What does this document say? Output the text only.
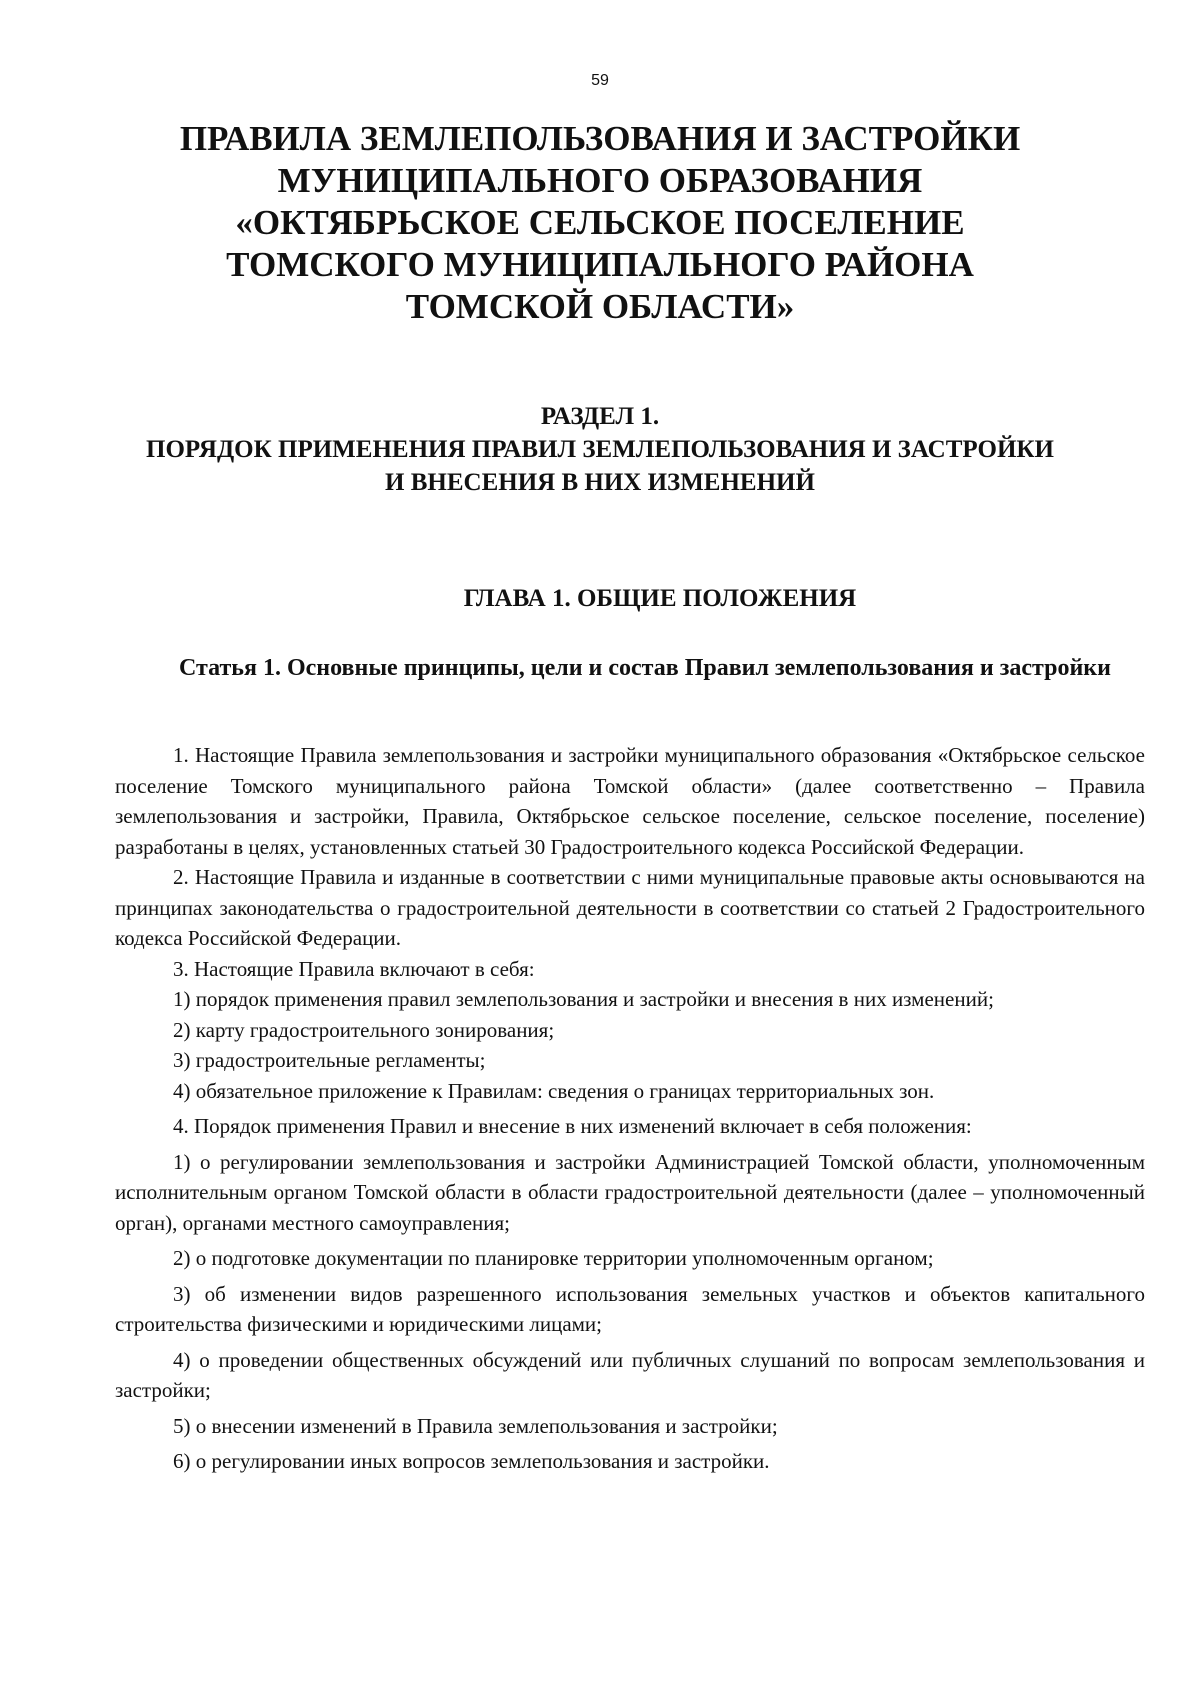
59
ПРАВИЛА ЗЕМЛЕПОЛЬЗОВАНИЯ И ЗАСТРОЙКИ
МУНИЦИПАЛЬНОГО ОБРАЗОВАНИЯ
«ОКТЯБРЬСКОЕ СЕЛЬСКОЕ ПОСЕЛЕНИЕ
ТОМСКОГО МУНИЦИПАЛЬНОГО РАЙОНА
ТОМСКОЙ ОБЛАСТИ»
РАЗДЕЛ 1.
ПОРЯДОК ПРИМЕНЕНИЯ ПРАВИЛ ЗЕМЛЕПОЛЬЗОВАНИЯ И ЗАСТРОЙКИ
И ВНЕСЕНИЯ В НИХ ИЗМЕНЕНИЙ
ГЛАВА 1. ОБЩИЕ ПОЛОЖЕНИЯ
Статья 1. Основные принципы, цели и состав Правил землепользования и застройки

1. Настоящие Правила землепользования и застройки муниципального образования «Октябрьское сельское поселение Томского муниципального района Томской области» (далее соответственно – Правила землепользования и застройки, Правила, Октябрьское сельское поселение, сельское поселение, поселение) разработаны в целях, установленных статьей 30 Градостроительного кодекса Российской Федерации.

2. Настоящие Правила и изданные в соответствии с ними муниципальные правовые акты основываются на принципах законодательства о градостроительной деятельности в соответствии со статьей 2 Градостроительного кодекса Российской Федерации.

3. Настоящие Правила включают в себя:

1) порядок применения правил землепользования и застройки и внесения в них изменений;

2) карту градостроительного зонирования;

3) градостроительные регламенты;

4) обязательное приложение к Правилам: сведения о границах территориальных зон.

4. Порядок применения Правил и внесение в них изменений включает в себя положения:

1) о регулировании землепользования и застройки Администрацией Томской области, уполномоченным исполнительным органом Томской области в области градостроительной деятельности (далее – уполномоченный орган), органами местного самоуправления;

2) о подготовке документации по планировке территории уполномоченным органом;

3) об изменении видов разрешенного использования земельных участков и объектов капитального строительства физическими и юридическими лицами;

4) о проведении общественных обсуждений или публичных слушаний по вопросам землепользования и застройки;

5) о внесении изменений в Правила землепользования и застройки;

6) о регулировании иных вопросов землепользования и застройки.
